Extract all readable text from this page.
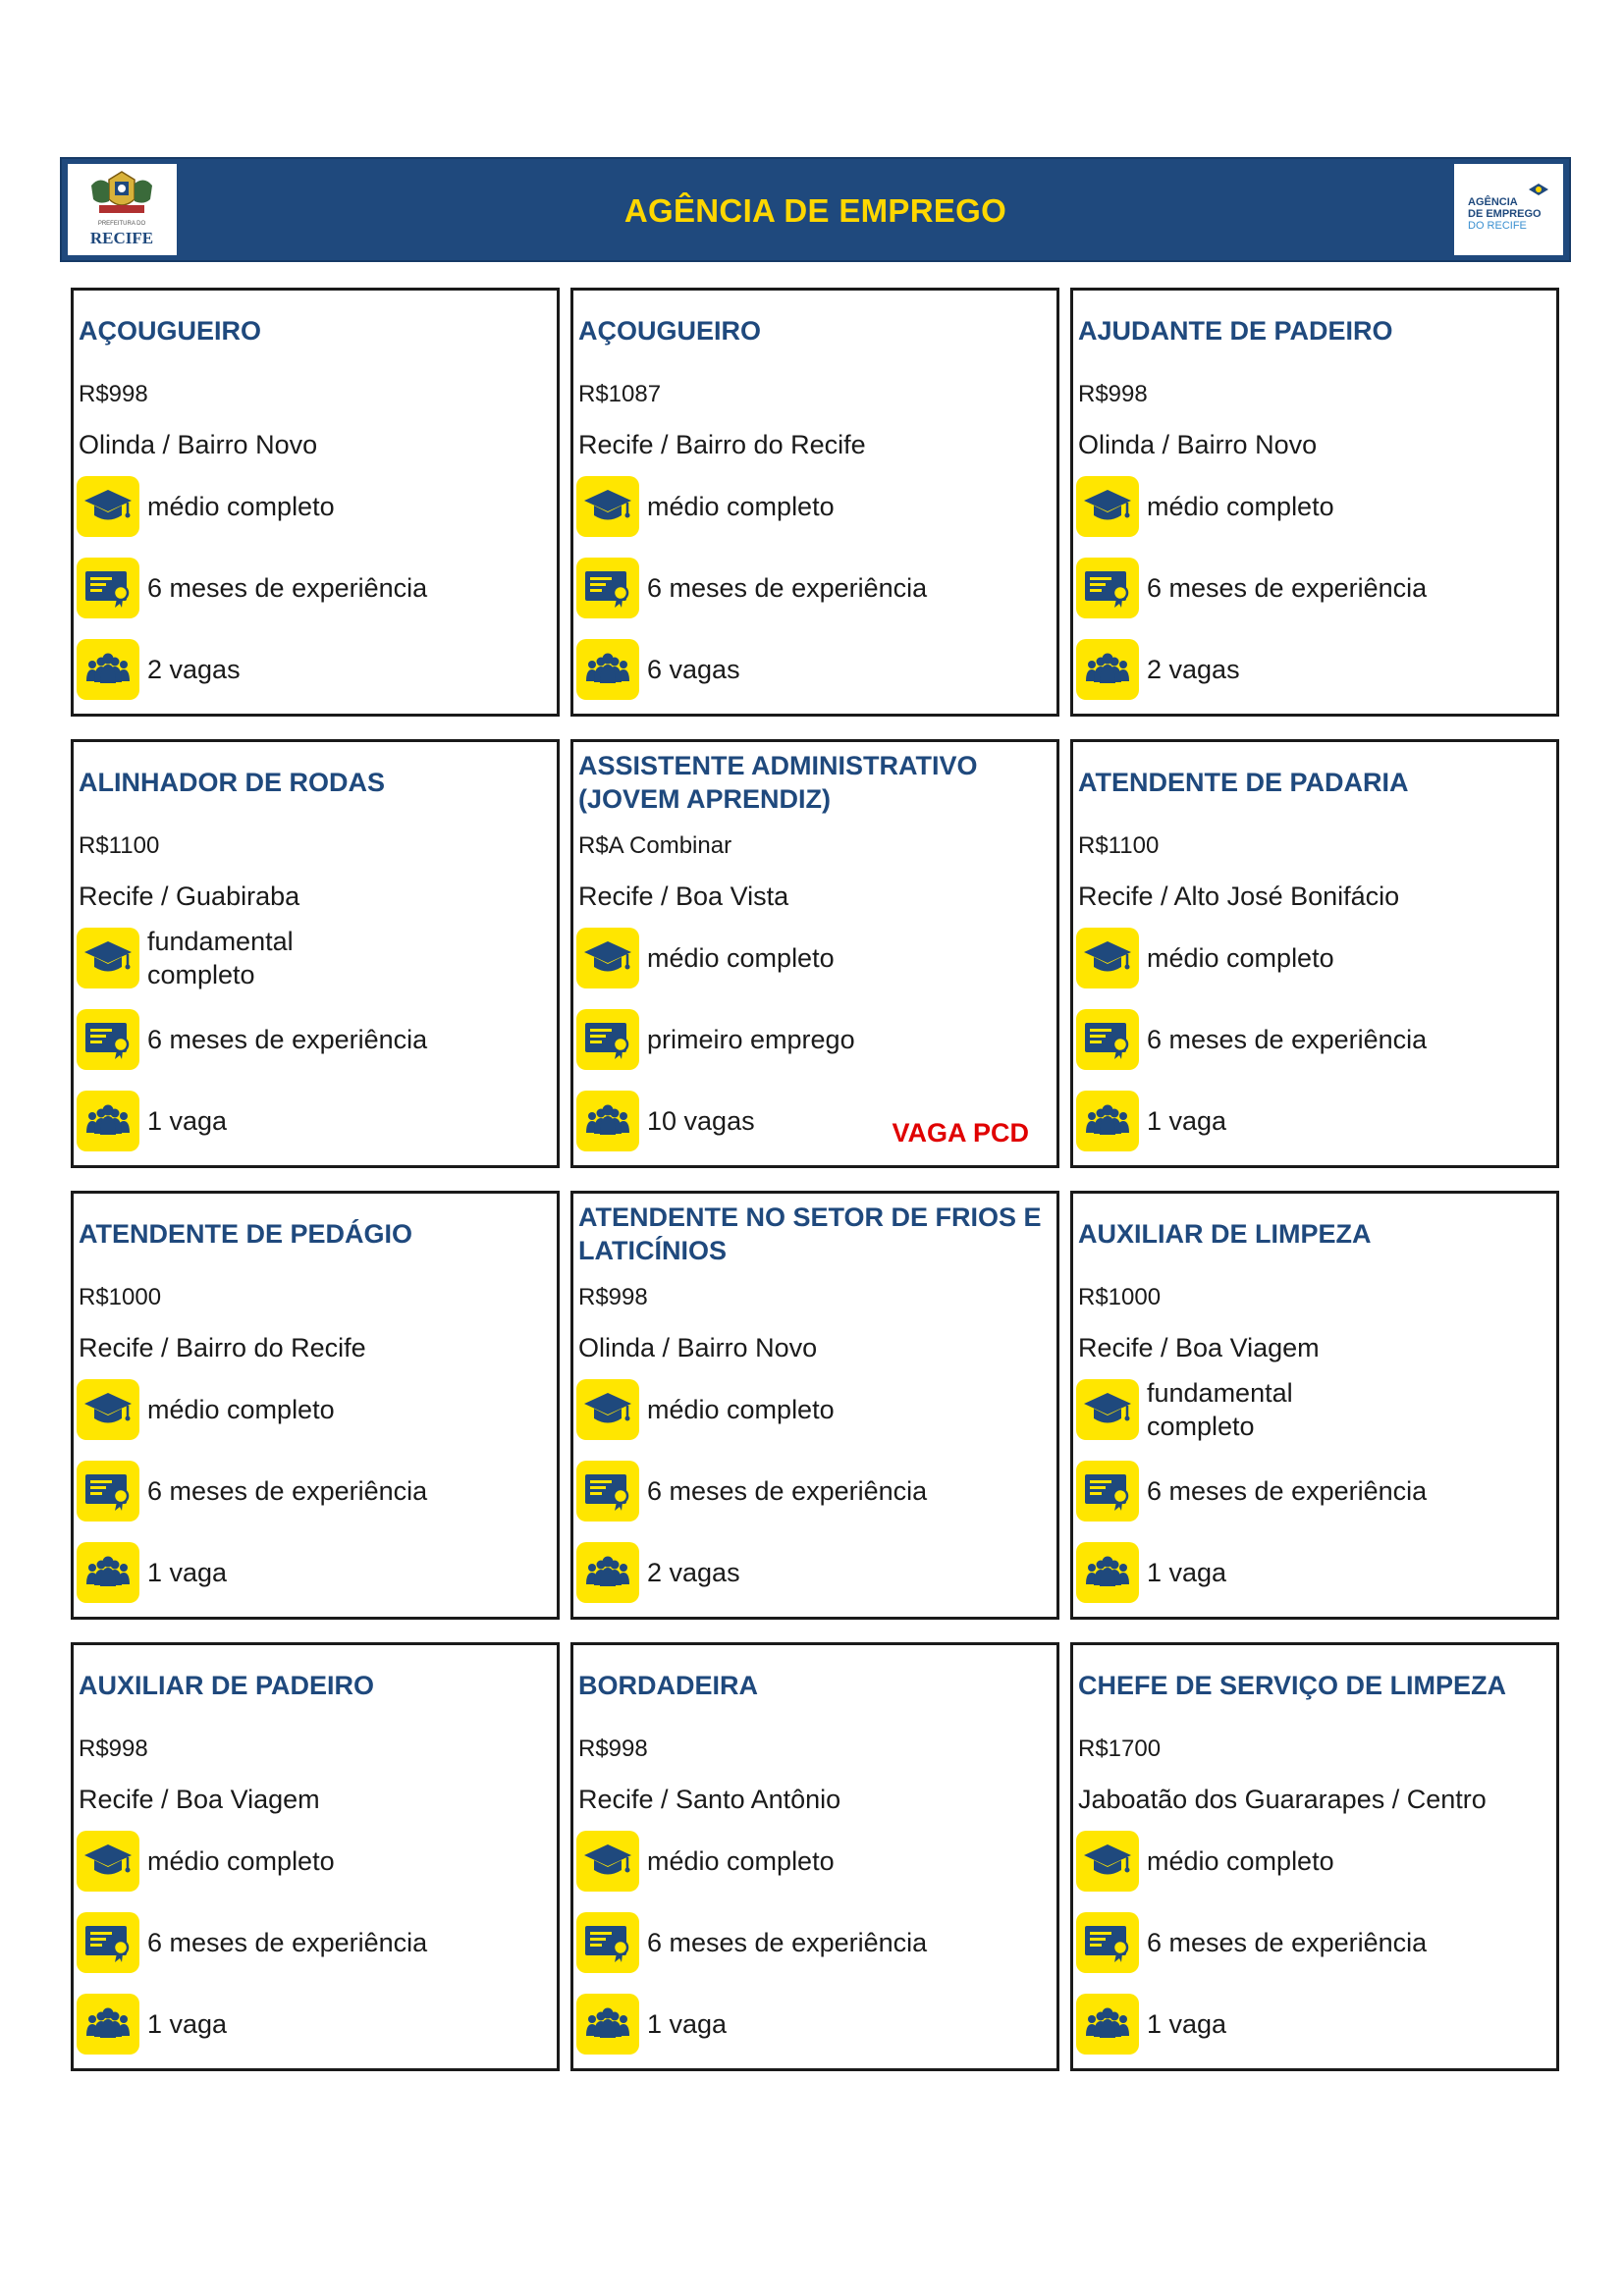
PREFEITURA DO
RECIFE
AGÊNCIA DE EMPREGO	AGÊNCIA
DE EMPREGO
DO RECIFE
AÇOUGUEIRO
R$998
Olinda / Bairro Novo
médio completo
6 meses de experiência
2 vagas
AÇOUGUEIRO
R$1087
Recife / Bairro do Recife
médio completo
6 meses de experiência
6 vagas
AJUDANTE DE PADEIRO
R$998
Olinda / Bairro Novo
médio completo
6 meses de experiência
2 vagas
ALINHADOR DE RODAS
R$1100
Recife / Guabiraba
fundamental completo
6 meses de experiência
1 vaga
ASSISTENTE ADMINISTRATIVO (JOVEM APRENDIZ)
R$A Combinar
Recife / Boa Vista
médio completo
primeiro emprego
10 vagas	VAGA PCD
ATENDENTE DE PADARIA
R$1100
Recife / Alto José Bonifácio
médio completo
6 meses de experiência
1 vaga
ATENDENTE DE PEDÁGIO
R$1000
Recife / Bairro do Recife
médio completo
6 meses de experiência
1 vaga
ATENDENTE NO SETOR DE FRIOS E LATICÍNIOS
R$998
Olinda / Bairro Novo
médio completo
6 meses de experiência
2 vagas
AUXILIAR DE LIMPEZA
R$1000
Recife / Boa Viagem
fundamental completo
6 meses de experiência
1 vaga
AUXILIAR DE PADEIRO
R$998
Recife / Boa Viagem
médio completo
6 meses de experiência
1 vaga
BORDADEIRA
R$998
Recife / Santo Antônio
médio completo
6 meses de experiência
1 vaga
CHEFE DE SERVIÇO DE LIMPEZA
R$1700
Jaboatão dos Guararapes / Centro
médio completo
6 meses de experiência
1 vaga
